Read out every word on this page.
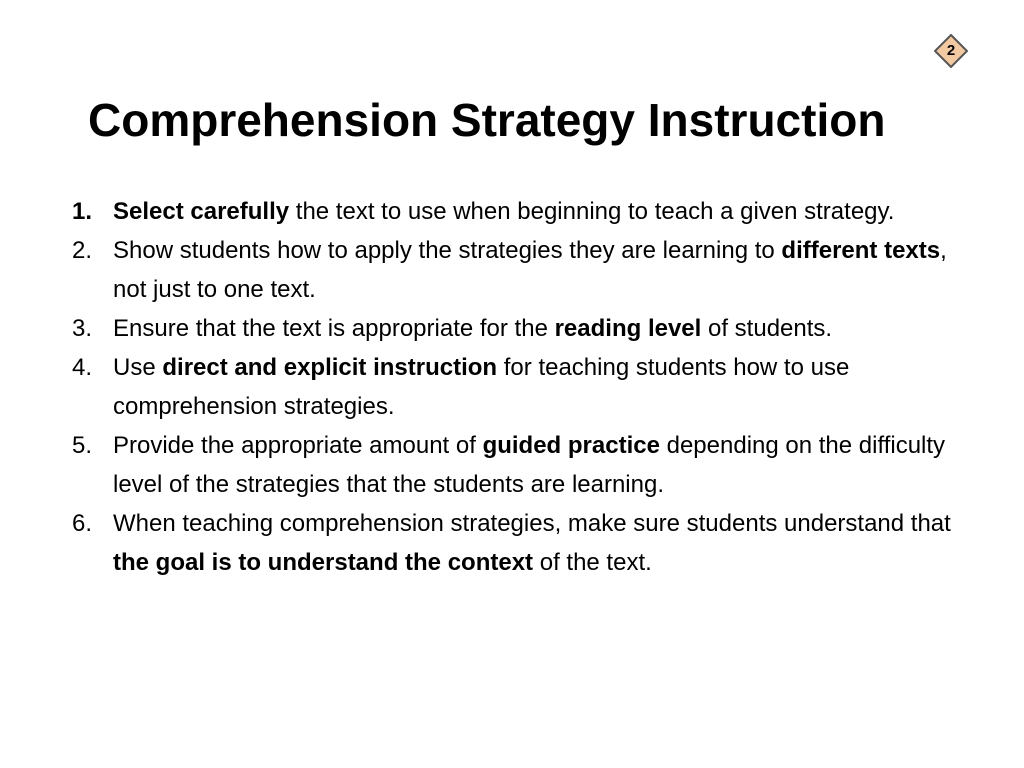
2
Comprehension Strategy Instruction
1. Select carefully the text to use when beginning to teach a given strategy.
2. Show students how to apply the strategies they are learning to different texts, not just to one text.
3. Ensure that the text is appropriate for the reading level of students.
4. Use direct and explicit instruction for teaching students how to use comprehension strategies.
5. Provide the appropriate amount of guided practice depending on the difficulty level of the strategies that the students are learning.
6. When teaching comprehension strategies, make sure students understand that the goal is to understand the context of the text.
